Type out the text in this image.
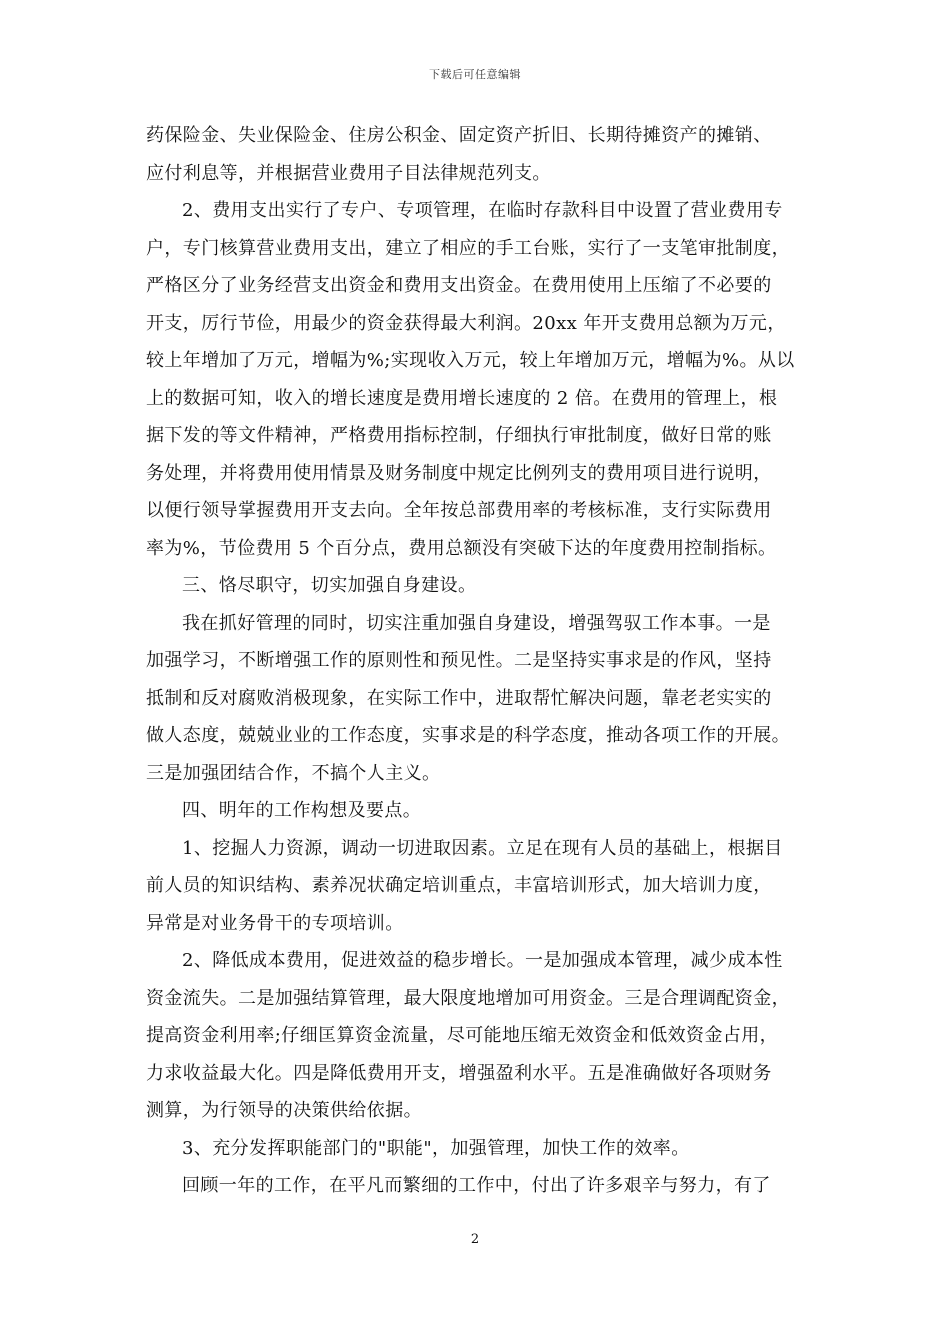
下载后可任意编辑
药保险金、失业保险金、住房公积金、固定资产折旧、长期待摊资产的摊销、
应付利息等，并根据营业费用子目法律规范列支。
2、费用支出实行了专户、专项管理，在临时存款科目中设置了营业费用专
户，专门核算营业费用支出，建立了相应的手工台账，实行了一支笔审批制度，
严格区分了业务经营支出资金和费用支出资金。在费用使用上压缩了不必要的
开支，厉行节俭，用最少的资金获得最大利润。20xx 年开支费用总额为万元，
较上年增加了万元，增幅为%;实现收入万元，较上年增加万元，增幅为%。从以
上的数据可知，收入的增长速度是费用增长速度的 2 倍。在费用的管理上，根
据下发的等文件精神，严格费用指标控制，仔细执行审批制度，做好日常的账
务处理，并将费用使用情景及财务制度中规定比例列支的费用项目进行说明，
以便行领导掌握费用开支去向。全年按总部费用率的考核标准，支行实际费用
率为%，节俭费用 5 个百分点，费用总额没有突破下达的年度费用控制指标。
三、恪尽职守，切实加强自身建设。
我在抓好管理的同时，切实注重加强自身建设，增强驾驭工作本事。一是
加强学习，不断增强工作的原则性和预见性。二是坚持实事求是的作风，坚持
抵制和反对腐败消极现象，在实际工作中，进取帮忙解决问题，靠老老实实的
做人态度，兢兢业业的工作态度，实事求是的科学态度，推动各项工作的开展。
三是加强团结合作，不搞个人主义。
四、明年的工作构想及要点。
1、挖掘人力资源，调动一切进取因素。立足在现有人员的基础上，根据目
前人员的知识结构、素养况状确定培训重点，丰富培训形式，加大培训力度，
异常是对业务骨干的专项培训。
2、降低成本费用，促进效益的稳步增长。一是加强成本管理，减少成本性
资金流失。二是加强结算管理，最大限度地增加可用资金。三是合理调配资金，
提高资金利用率;仔细匡算资金流量，尽可能地压缩无效资金和低效资金占用，
力求收益最大化。四是降低费用开支，增强盈利水平。五是准确做好各项财务
测算，为行领导的决策供给依据。
3、充分发挥职能部门的"职能"，加强管理，加快工作的效率。
回顾一年的工作，在平凡而繁细的工作中，付出了许多艰辛与努力，有了
2
